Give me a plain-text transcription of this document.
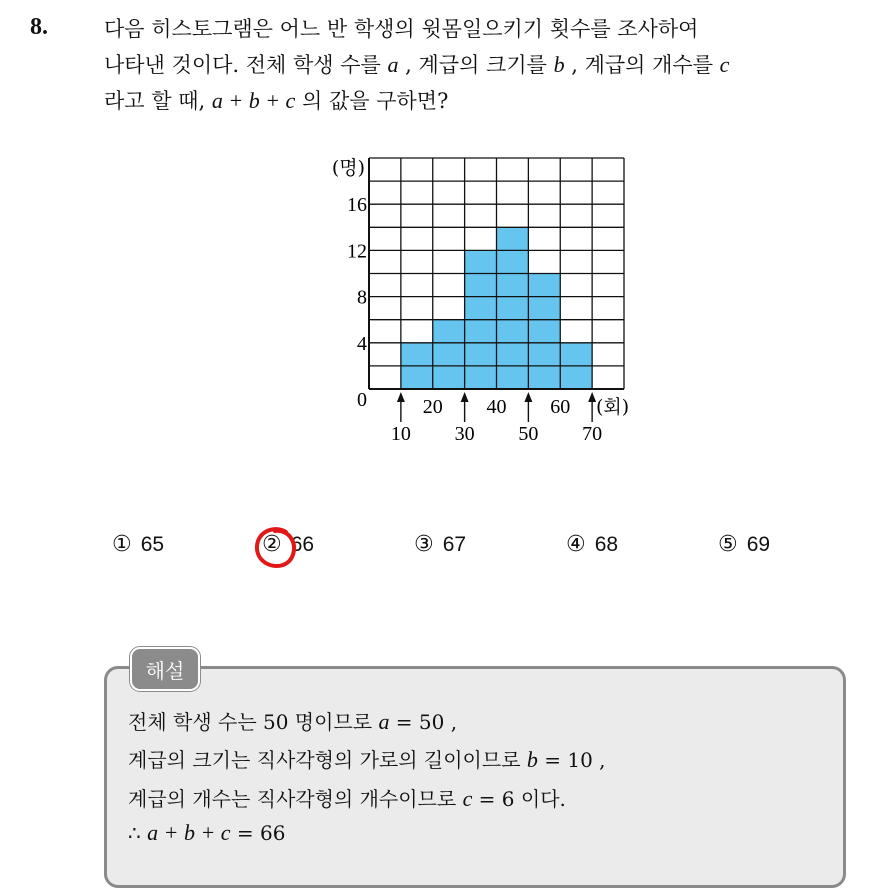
8.	다음 히스토그램은 어느 반 학생의 윗몸일으키기 횟수를 조사하여
나타낸 것이다. 전체 학생 수를 a , 계급의 크기를 b , 계급의 개수를 c
라고 할 때, a + b + c 의 값을 구하면?
(명)
0
4
8
12
16
10 30 50 70
20 40 60 (회)
① 65	② 66	③ 67	④ 68	⑤ 69
해설
전체 학생 수는 50 명이므로 a = 50 ,
계급의 크기는 직사각형의 가로의 길이이므로 b = 10 ,
계급의 개수는 직사각형의 개수이므로 c = 6 이다.
∴ a + b + c = 66
